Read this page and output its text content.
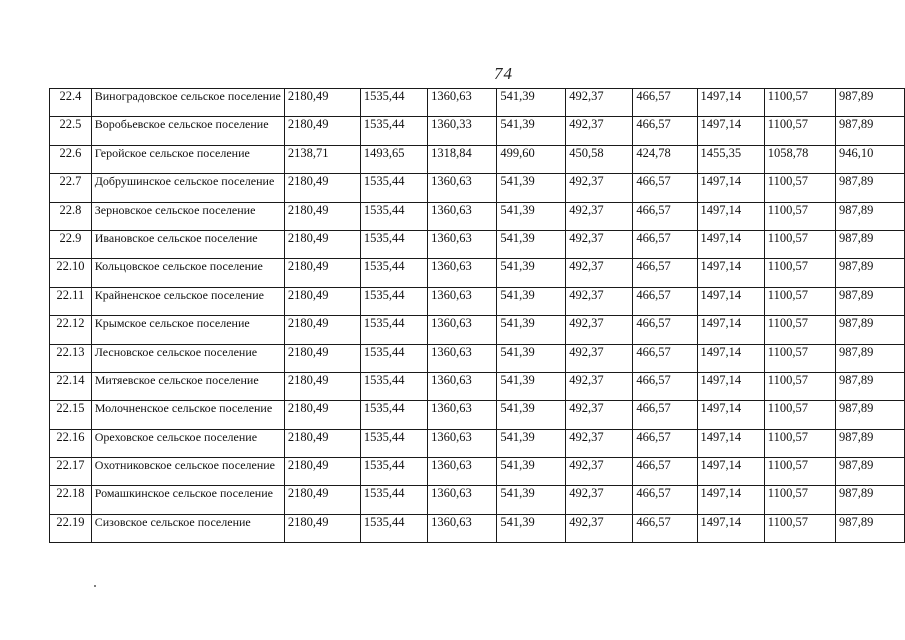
74
22.4	Виноградовское сельское поселение	2180,49	1535,44	1360,63	541,39	492,37	466,57	1497,14	1100,57	987,89
22.5	Воробьевское сельское поселение	2180,49	1535,44	1360,33	541,39	492,37	466,57	1497,14	1100,57	987,89
22.6	Геройское сельское поселение	2138,71	1493,65	1318,84	499,60	450,58	424,78	1455,35	1058,78	946,10
22.7	Добрушинское сельское поселение	2180,49	1535,44	1360,63	541,39	492,37	466,57	1497,14	1100,57	987,89
22.8	Зерновское сельское поселение	2180,49	1535,44	1360,63	541,39	492,37	466,57	1497,14	1100,57	987,89
22.9	Ивановское сельское поселение	2180,49	1535,44	1360,63	541,39	492,37	466,57	1497,14	1100,57	987,89
22.10	Кольцовское сельское поселение	2180,49	1535,44	1360,63	541,39	492,37	466,57	1497,14	1100,57	987,89
22.11	Крайненское сельское поселение	2180,49	1535,44	1360,63	541,39	492,37	466,57	1497,14	1100,57	987,89
22.12	Крымское сельское поселение	2180,49	1535,44	1360,63	541,39	492,37	466,57	1497,14	1100,57	987,89
22.13	Лесновское сельское поселение	2180,49	1535,44	1360,63	541,39	492,37	466,57	1497,14	1100,57	987,89
22.14	Митяевское сельское поселение	2180,49	1535,44	1360,63	541,39	492,37	466,57	1497,14	1100,57	987,89
22.15	Молочненское сельское поселение	2180,49	1535,44	1360,63	541,39	492,37	466,57	1497,14	1100,57	987,89
22.16	Ореховское сельское поселение	2180,49	1535,44	1360,63	541,39	492,37	466,57	1497,14	1100,57	987,89
22.17	Охотниковское сельское поселение	2180,49	1535,44	1360,63	541,39	492,37	466,57	1497,14	1100,57	987,89
22.18	Ромашкинское сельское поселение	2180,49	1535,44	1360,63	541,39	492,37	466,57	1497,14	1100,57	987,89
22.19	Сизовское сельское поселение	2180,49	1535,44	1360,63	541,39	492,37	466,57	1497,14	1100,57	987,89
